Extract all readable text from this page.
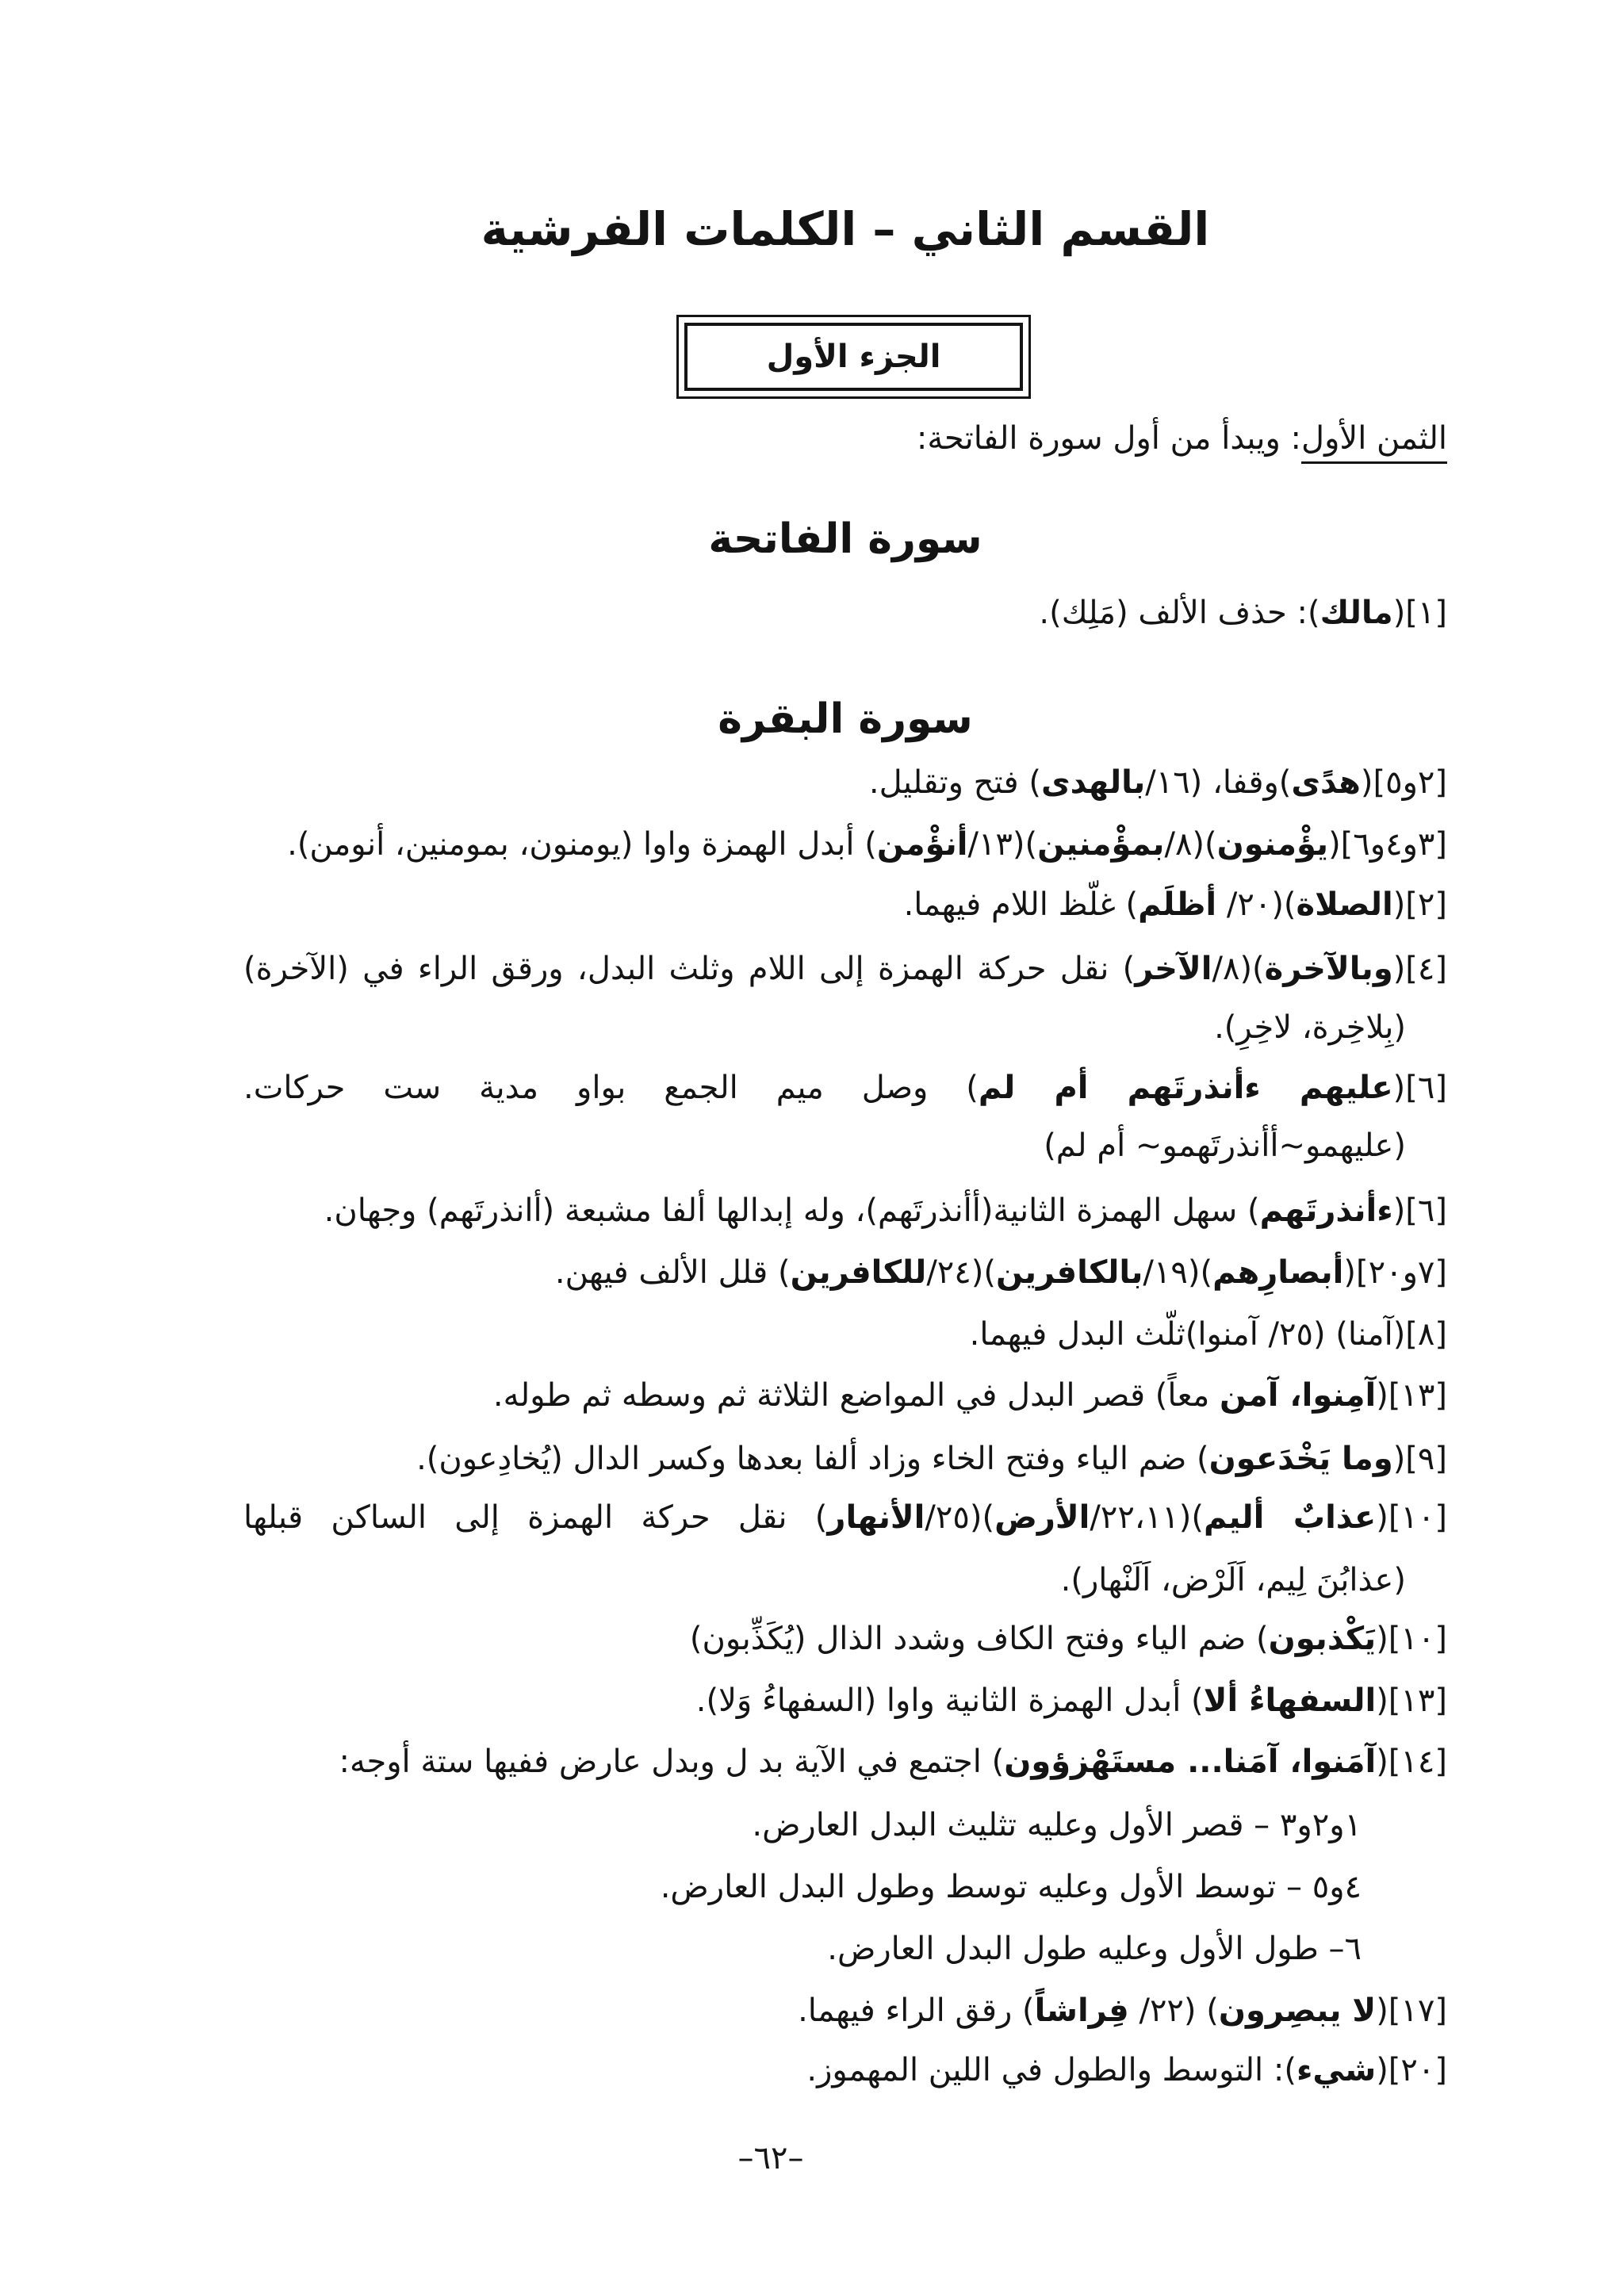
القسم الثاني – الكلمات الفرشية
الجزء الأول
الثمن الأول: ويبدأ من أول سورة الفاتحة:
سورة الفاتحة
[١](مالك): حذف الألف (مَلِك).
سورة البقرة
[٢و٥](هدًى)وقفا، (١٦/بالهدى) فتح وتقليل.
[٣و٤و٦](يؤْمنون)(٨/بمؤْمنين)(١٣/أنؤْمن) أبدل الهمزة واوا (يومنون، بمومنين، أنومن).
[٢](الصلاة)(٢٠/ أظلَم) غلّظ اللام فيهما.
[٤](وبالآخرة)(٨/الآخر) نقل حركة الهمزة إلى اللام وثلث البدل، ورقق الراء في (الآخرة)
(بِلاخِرة، لاخِرِ).
[٦](عليهم ءأنذرتَهم أم لم) وصل ميم الجمع بواو مدية ست حركات.
(عليهمو~أأنذرتَهمو~ أم لم)
[٦](ءأنذرتَهم) سهل الهمزة الثانية(أأنذرتَهم)، وله إبدالها ألفا مشبعة (أانذرتَهم) وجهان.
[٧و٢٠](أبصارِهم)(١٩/بالكافرين)(٢٤/للكافرين) قلل الألف فيهن.
[٨](آمنا) (٢٥/ آمنوا)ثلّث البدل فيهما.
[١٣](آمِنوا، آمن معاً) قصر البدل في المواضع الثلاثة ثم وسطه ثم طوله.
[٩](وما يَخْدَعون) ضم الياء وفتح الخاء وزاد ألفا بعدها وكسر الدال (يُخادِعون).
[١٠](عذابٌ أليم)(٢٢،١١/الأرض)(٢٥/الأنهار) نقل حركة الهمزة إلى الساكن قبلها
(عذابُنَ لِيم، اَلَرْض، اَلَنْهار).
[١٠](يَكْذبون) ضم الياء وفتح الكاف وشدد الذال (يُكَذِّبون)
[١٣](السفهاءُ ألا) أبدل الهمزة الثانية واوا (السفهاءُ وَلا).
[١٤](آمَنوا، آمَنا... مستَهْزؤون) اجتمع في الآية بد ل وبدل عارض ففيها ستة أوجه:
١و٢و٣ – قصر الأول وعليه تثليث البدل العارض.
٤و٥ – توسط الأول وعليه توسط وطول البدل العارض.
٦– طول الأول وعليه طول البدل العارض.
[١٧](لا يبصِرون) (٢٢/ فِراشاً) رقق الراء فيهما.
[٢٠](شيء): التوسط والطول في اللين المهموز.
–٦٢–
